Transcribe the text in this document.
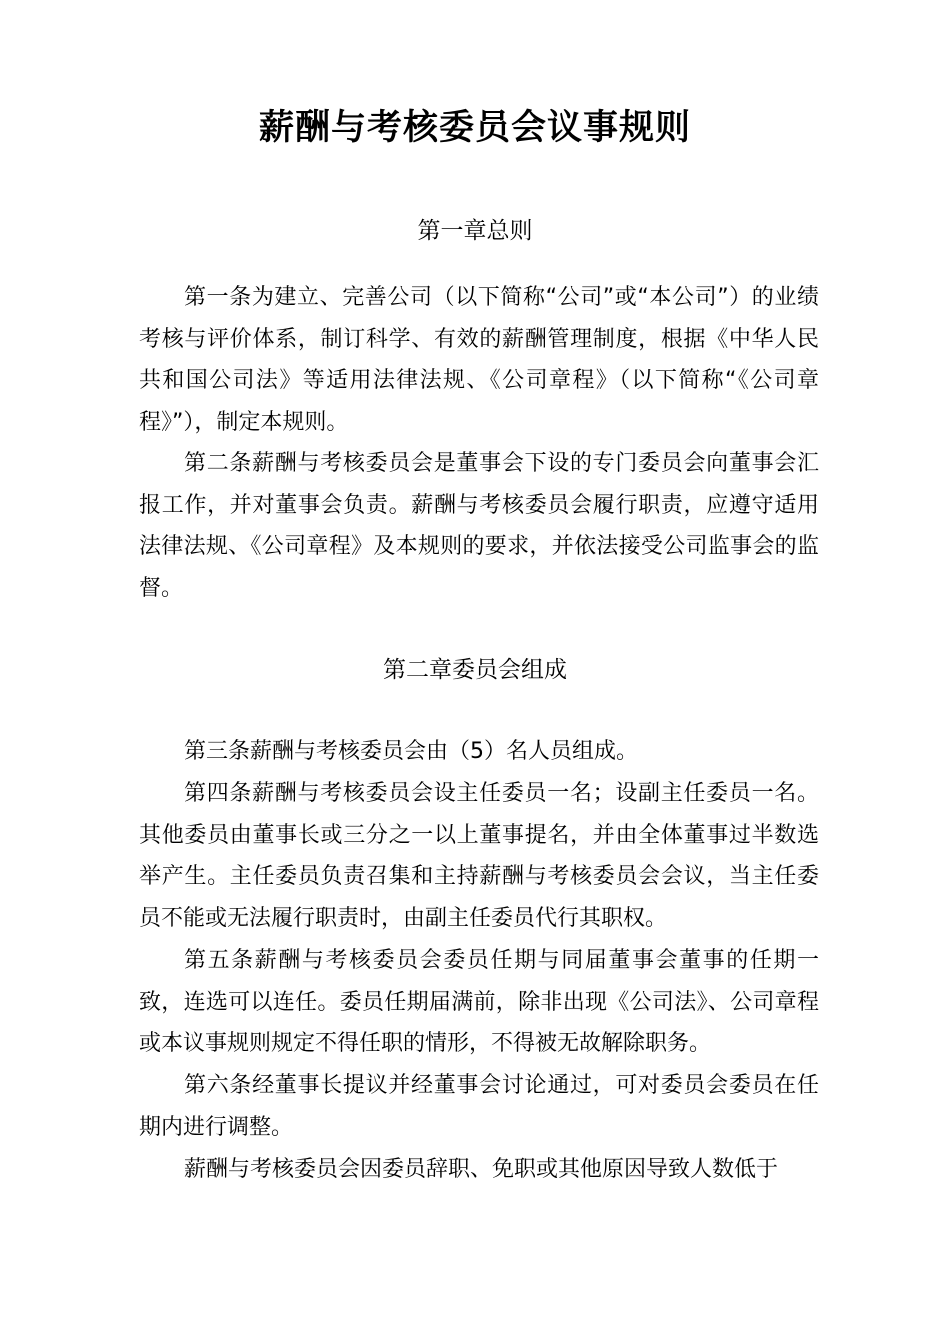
薪酬与考核委员会议事规则
第一章总则
第一条为建立、完善公司（以下简称“公司”或“本公司”）的业绩考核与评价体系，制订科学、有效的薪酬管理制度，根据《中华人民共和国公司法》等适用法律法规、《公司章程》（以下简称“《公司章程》”），制定本规则。
第二条薪酬与考核委员会是董事会下设的专门委员会向董事会汇报工作，并对董事会负责。薪酬与考核委员会履行职责，应遵守适用法律法规、《公司章程》及本规则的要求，并依法接受公司监事会的监督。
第二章委员会组成
第三条薪酬与考核委员会由（5）名人员组成。
第四条薪酬与考核委员会设主任委员一名；设副主任委员一名。其他委员由董事长或三分之一以上董事提名，并由全体董事过半数选举产生。主任委员负责召集和主持薪酬与考核委员会会议，当主任委员不能或无法履行职责时，由副主任委员代行其职权。
第五条薪酬与考核委员会委员任期与同届董事会董事的任期一致，连选可以连任。委员任期届满前，除非出现《公司法》、公司章程或本议事规则规定不得任职的情形，不得被无故解除职务。
第六条经董事长提议并经董事会讨论通过，可对委员会委员在任期内进行调整。
薪酬与考核委员会因委员辞职、免职或其他原因导致人数低于
